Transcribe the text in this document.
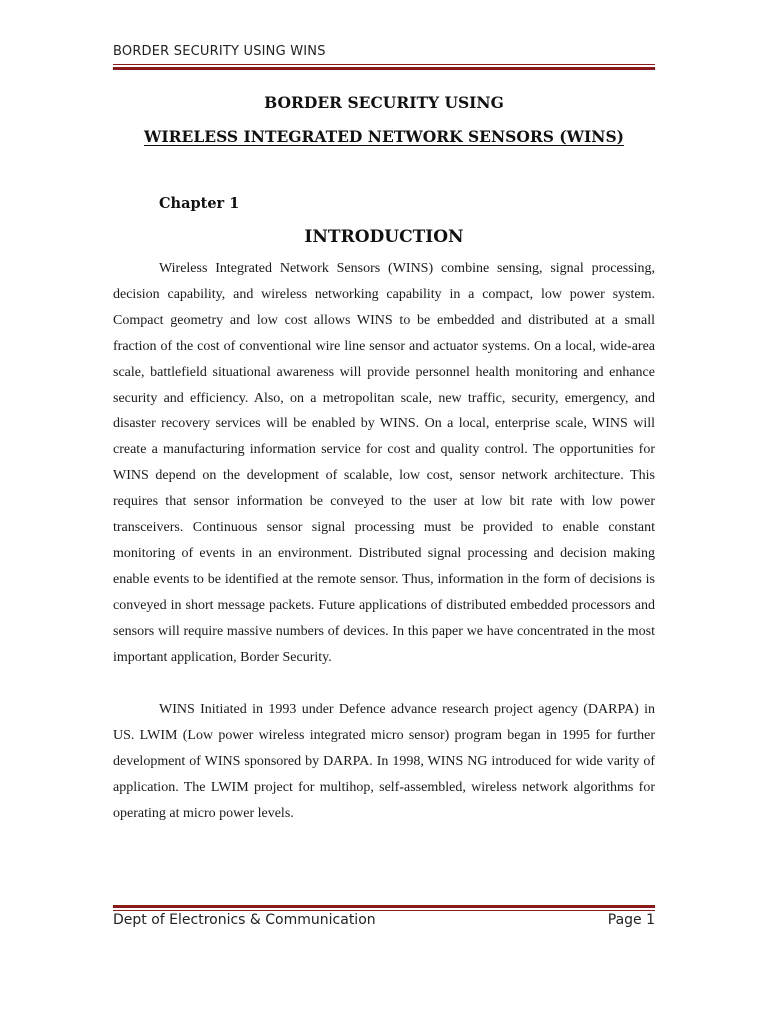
BORDER SECURITY USING WINS
BORDER SECURITY USING
WIRELESS INTEGRATED NETWORK SENSORS (WINS)
Chapter 1
INTRODUCTION

Wireless Integrated Network Sensors (WINS) combine sensing, signal processing, decision capability, and wireless networking capability in a compact, low power system. Compact geometry and low cost allows WINS to be embedded and distributed at a small fraction of the cost of conventional wire line sensor and actuator systems. On a local, wide-area scale, battlefield situational awareness will provide personnel health monitoring and enhance security and efficiency. Also, on a metropolitan scale, new traffic, security, emergency, and disaster recovery services will be enabled by WINS. On a local, enterprise scale, WINS will create a manufacturing information service for cost and quality control. The opportunities for WINS depend on the development of scalable, low cost, sensor network architecture. This requires that sensor information be conveyed to the user at low bit rate with low power transceivers. Continuous sensor signal processing must be provided to enable constant monitoring of events in an environment. Distributed signal processing and decision making enable events to be identified at the remote sensor. Thus, information in the form of decisions is conveyed in short message packets. Future applications of distributed embedded processors and sensors will require massive numbers of devices. In this paper we have concentrated in the most important application, Border Security.

WINS Initiated in 1993 under Defence advance research project agency (DARPA) in US. LWIM (Low power wireless integrated micro sensor) program began in 1995 for further development of WINS sponsored by DARPA. In 1998, WINS NG introduced for wide varity of application. The LWIM project for multihop, self-assembled, wireless network algorithms for operating at micro power levels.

Dept of Electronics & Communication	Page 1
